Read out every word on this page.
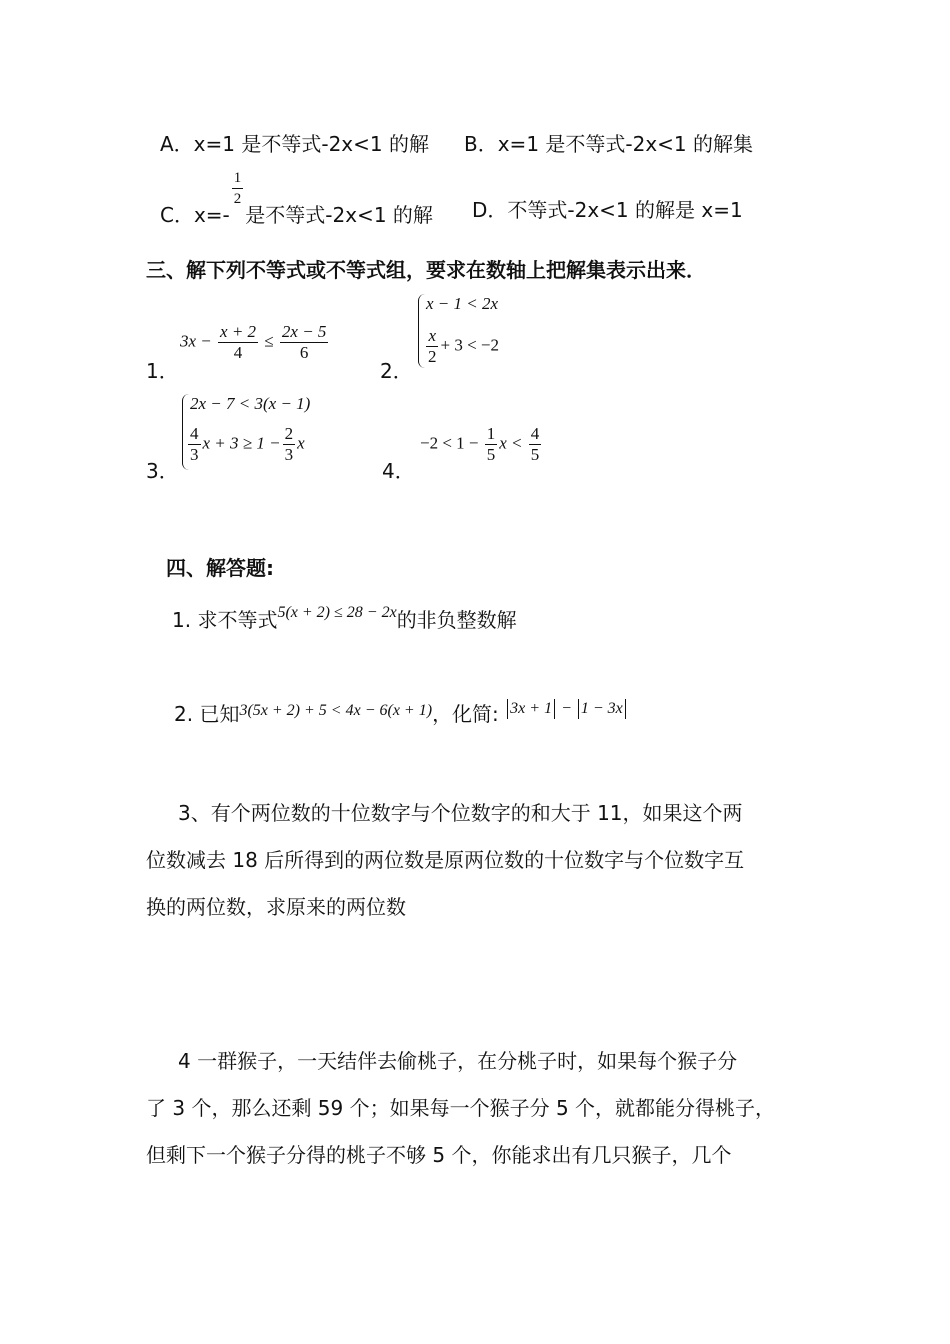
A．x=1 是不等式-2x<1 的解 B．x=1 是不等式-2x<1 的解集
C．x=-
$\frac{1}{2}$
是不等式-2x<1 的解 D．不等式-2x<1 的解是 x=1
三、解下列不等式或不等式组，要求在数轴上把解集表示出来．
1．
$3x - \frac{x + 2}{4} \le \frac{2x - 5}{6}$
2．
x − 1 < 2x
$\frac{x}{2} + 3 < -2$
3．
2x − 7 < 3(x − 1)
$\frac{4}{3}$ $x + 3 \ge 1 - \frac{2}{3}$ x
4．
$-2 < 1 - \frac{1}{5}$ $x < \frac{4}{5}$
四、解答题:
1. 求不等式$^{5(x + 2) \le 28 - 2x}$的非负整数解
2. 已知$^{3(5x + 2) + 5 < 4x - 6(x + 1)}$，化简: $^{3x + 1 - 1 - 3x}$
3、有个两位数的十位数字与个位数字的和大于 11，如果这个两
位数减去 18 后所得到的两位数是原两位数的十位数字与个位数字互
换的两位数，求原来的两位数
4 一群猴子，一天结伴去偷桃子，在分桃子时，如果每个猴子分
了 3 个，那么还剩 59 个；如果每一个猴子分 5 个，就都能分得桃子，
但剩下一个猴子分得的桃子不够 5 个，你能求出有几只猴子，几个
